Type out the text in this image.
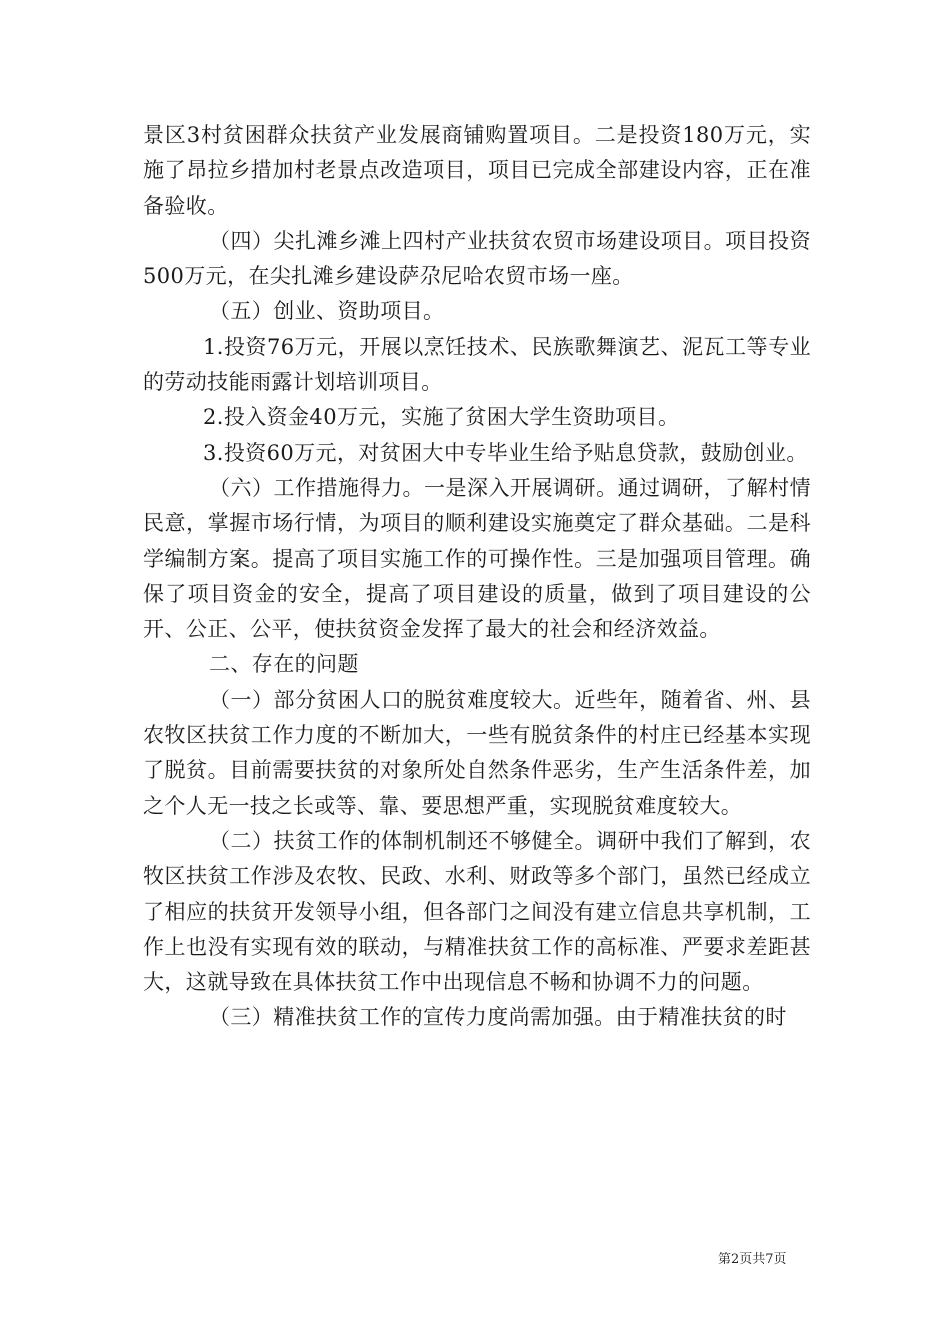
景区3村贫困群众扶贫产业发展商铺购置项目。二是投资180万元，实施了昂拉乡措加村老景点改造项目，项目已完成全部建设内容，正在准备验收。

（四）尖扎滩乡滩上四村产业扶贫农贸市场建设项目。项目投资500万元，在尖扎滩乡建设萨尕尼哈农贸市场一座。

（五）创业、资助项目。

1.投资76万元，开展以烹饪技术、民族歌舞演艺、泥瓦工等专业的劳动技能雨露计划培训项目。

2.投入资金40万元，实施了贫困大学生资助项目。

3.投资60万元，对贫困大中专毕业生给予贴息贷款，鼓励创业。

（六）工作措施得力。一是深入开展调研。通过调研，了解村情民意，掌握市场行情，为项目的顺利建设实施奠定了群众基础。二是科学编制方案。提高了项目实施工作的可操作性。三是加强项目管理。确保了项目资金的安全，提高了项目建设的质量，做到了项目建设的公开、公正、公平，使扶贫资金发挥了最大的社会和经济效益。

二、存在的问题

（一）部分贫困人口的脱贫难度较大。近些年，随着省、州、县农牧区扶贫工作力度的不断加大，一些有脱贫条件的村庄已经基本实现了脱贫。目前需要扶贫的对象所处自然条件恶劣，生产生活条件差，加之个人无一技之长或等、靠、要思想严重，实现脱贫难度较大。

（二）扶贫工作的体制机制还不够健全。调研中我们了解到，农牧区扶贫工作涉及农牧、民政、水利、财政等多个部门，虽然已经成立了相应的扶贫开发领导小组，但各部门之间没有建立信息共享机制，工作上也没有实现有效的联动，与精准扶贫工作的高标准、严要求差距甚大，这就导致在具体扶贫工作中出现信息不畅和协调不力的问题。

（三）精准扶贫工作的宣传力度尚需加强。由于精准扶贫的时

第2页共7页
